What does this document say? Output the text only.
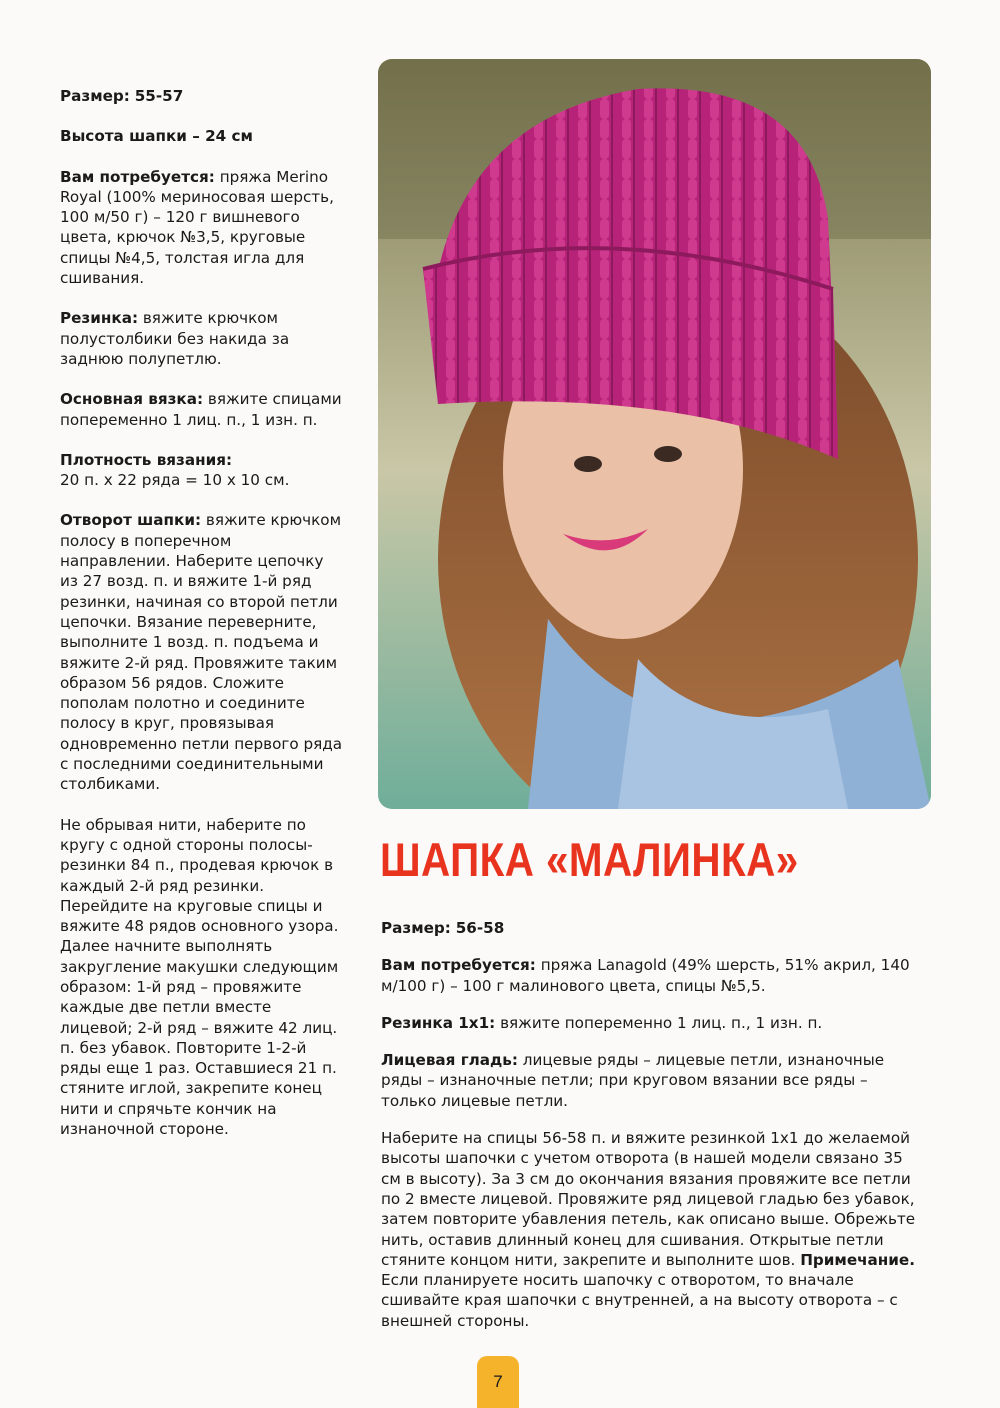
Размер: 55-57

Высота шапки – 24 см

Вам потребуется: пряжа Merino Royal (100% мериносовая шерсть, 100 м/50 г) – 120 г вишневого цвета, крючок №3,5, круговые спицы №4,5, толстая игла для сшивания.

Резинка: вяжите крючком полустолбики без накида за заднюю полупетлю.

Основная вязка: вяжите спицами попеременно 1 лиц. п., 1 изн. п.

Плотность вязания:
20 п. х 22 ряда = 10 х 10 см.

Отворот шапки: вяжите крючком полосу в поперечном направлении. Наберите цепочку из 27 возд. п. и вяжите 1-й ряд резинки, начиная со второй петли цепочки. Вязание переверните, выполните 1 возд. п. подъема и вяжите 2-й ряд. Провяжите таким образом 56 рядов. Сложите пополам полотно и соедините полосу в круг, провязывая одновременно петли первого ряда с последними соединительными столбиками.

Не обрывая нити, наберите по кругу с одной стороны полосы-резинки 84 п., продевая крючок в каждый 2-й ряд резинки. Перейдите на круговые спицы и вяжите 48 рядов основного узора. Далее начните выполнять закругление макушки следующим образом: 1-й ряд – провяжите каждые две петли вместе лицевой; 2-й ряд – вяжите 42 лиц. п. без убавок. Повторите 1-2-й ряды еще 1 раз. Оставшиеся 21 п. стяните иглой, закрепите конец нити и спрячьте кончик на изнаночной стороне.

ШАПКА «МАЛИНКА»

Размер: 56-58

Вам потребуется: пряжа Lanagold (49% шерсть, 51% акрил, 140 м/100 г) – 100 г малинового цвета, спицы №5,5.

Резинка 1х1: вяжите попеременно 1 лиц. п., 1 изн. п.

Лицевая гладь: лицевые ряды – лицевые петли, изнаночные ряды – изнаночные петли; при круговом вязании все ряды – только лицевые петли.

Наберите на спицы 56-58 п. и вяжите резинкой 1х1 до желаемой высоты шапочки с учетом отворота (в нашей модели связано 35 см в высоту). За 3 см до окончания вязания провяжите все петли по 2 вместе лицевой. Провяжите ряд лицевой гладью без убавок, затем повторите убавления петель, как описано выше. Обрежьте нить, оставив длинный конец для сшивания. Открытые петли стяните концом нити, закрепите и выполните шов. Примечание. Если планируете носить шапочку с отворотом, то вначале сшивайте края шапочки с внутренней, а на высоту отворота – с внешней стороны.

7
